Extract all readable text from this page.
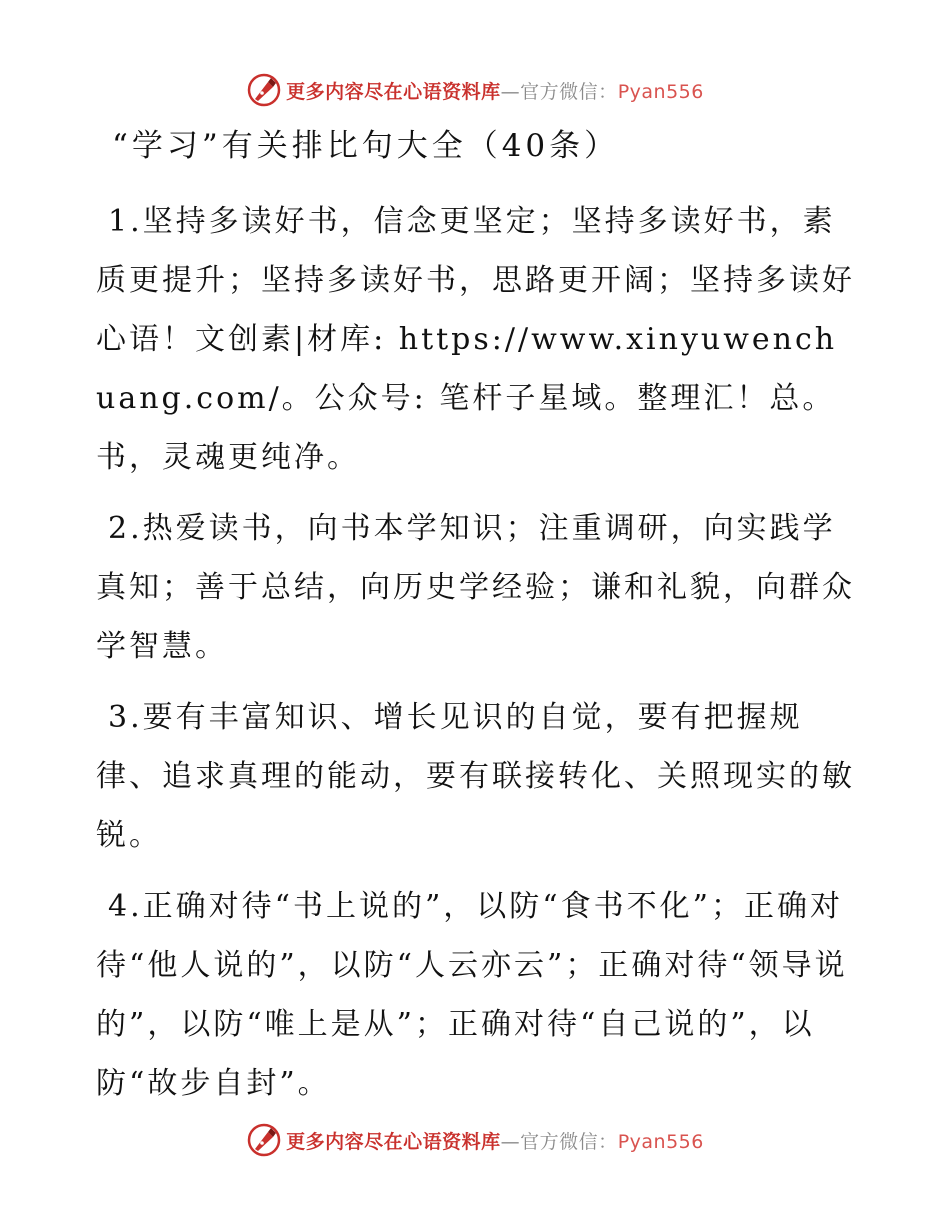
更多内容尽在心语资料库—官方微信：Pyan556
“学习”有关排比句大全（40条）

1.坚持多读好书，信念更坚定；坚持多读好书，素质更提升；坚持多读好书，思路更开阔；坚持多读好心语！文创素|材库: https://www.xinyuwenchuang.com/。公众号: 笔杆子星域。整理汇！总。书，灵魂更纯净。

2.热爱读书，向书本学知识；注重调研，向实践学真知；善于总结，向历史学经验；谦和礼貌，向群众学智慧。

3.要有丰富知识、增长见识的自觉，要有把握规律、追求真理的能动，要有联接转化、关照现实的敏锐。

4.正确对待“书上说的”，以防“食书不化”；正确对待“他人说的”，以防“人云亦云”；正确对待“领导说的”，以防“唯上是从”；正确对待“自己说的”，以防“故步自封”。

更多内容尽在心语资料库—官方微信：Pyan556
